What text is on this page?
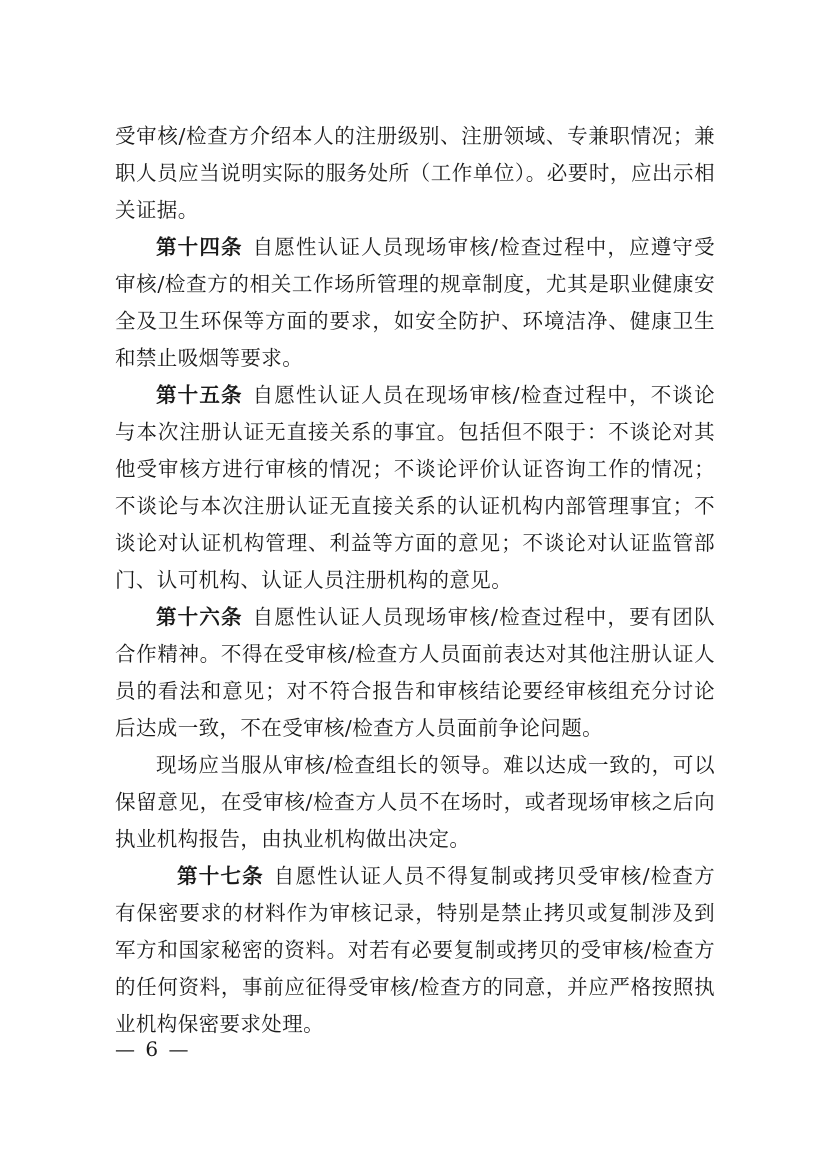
受审核/检查方介绍本人的注册级别、注册领域、专兼职情况；兼职人员应当说明实际的服务处所（工作单位）。必要时，应出示相关证据。

第十四条 自愿性认证人员现场审核/检查过程中，应遵守受审核/检查方的相关工作场所管理的规章制度，尤其是职业健康安全及卫生环保等方面的要求，如安全防护、环境洁净、健康卫生和禁止吸烟等要求。

第十五条 自愿性认证人员在现场审核/检查过程中，不谈论与本次注册认证无直接关系的事宜。包括但不限于：不谈论对其他受审核方进行审核的情况；不谈论评价认证咨询工作的情况；不谈论与本次注册认证无直接关系的认证机构内部管理事宜；不谈论对认证机构管理、利益等方面的意见；不谈论对认证监管部门、认可机构、认证人员注册机构的意见。

第十六条 自愿性认证人员现场审核/检查过程中，要有团队合作精神。不得在受审核/检查方人员面前表达对其他注册认证人员的看法和意见；对不符合报告和审核结论要经审核组充分讨论后达成一致，不在受审核/检查方人员面前争论问题。

现场应当服从审核/检查组长的领导。难以达成一致的，可以保留意见，在受审核/检查方人员不在场时，或者现场审核之后向执业机构报告，由执业机构做出决定。

第十七条 自愿性认证人员不得复制或拷贝受审核/检查方有保密要求的材料作为审核记录，特别是禁止拷贝或复制涉及到军方和国家秘密的资料。对若有必要复制或拷贝的受审核/检查方的任何资料，事前应征得受审核/检查方的同意，并应严格按照执业机构保密要求处理。

— 6 —
